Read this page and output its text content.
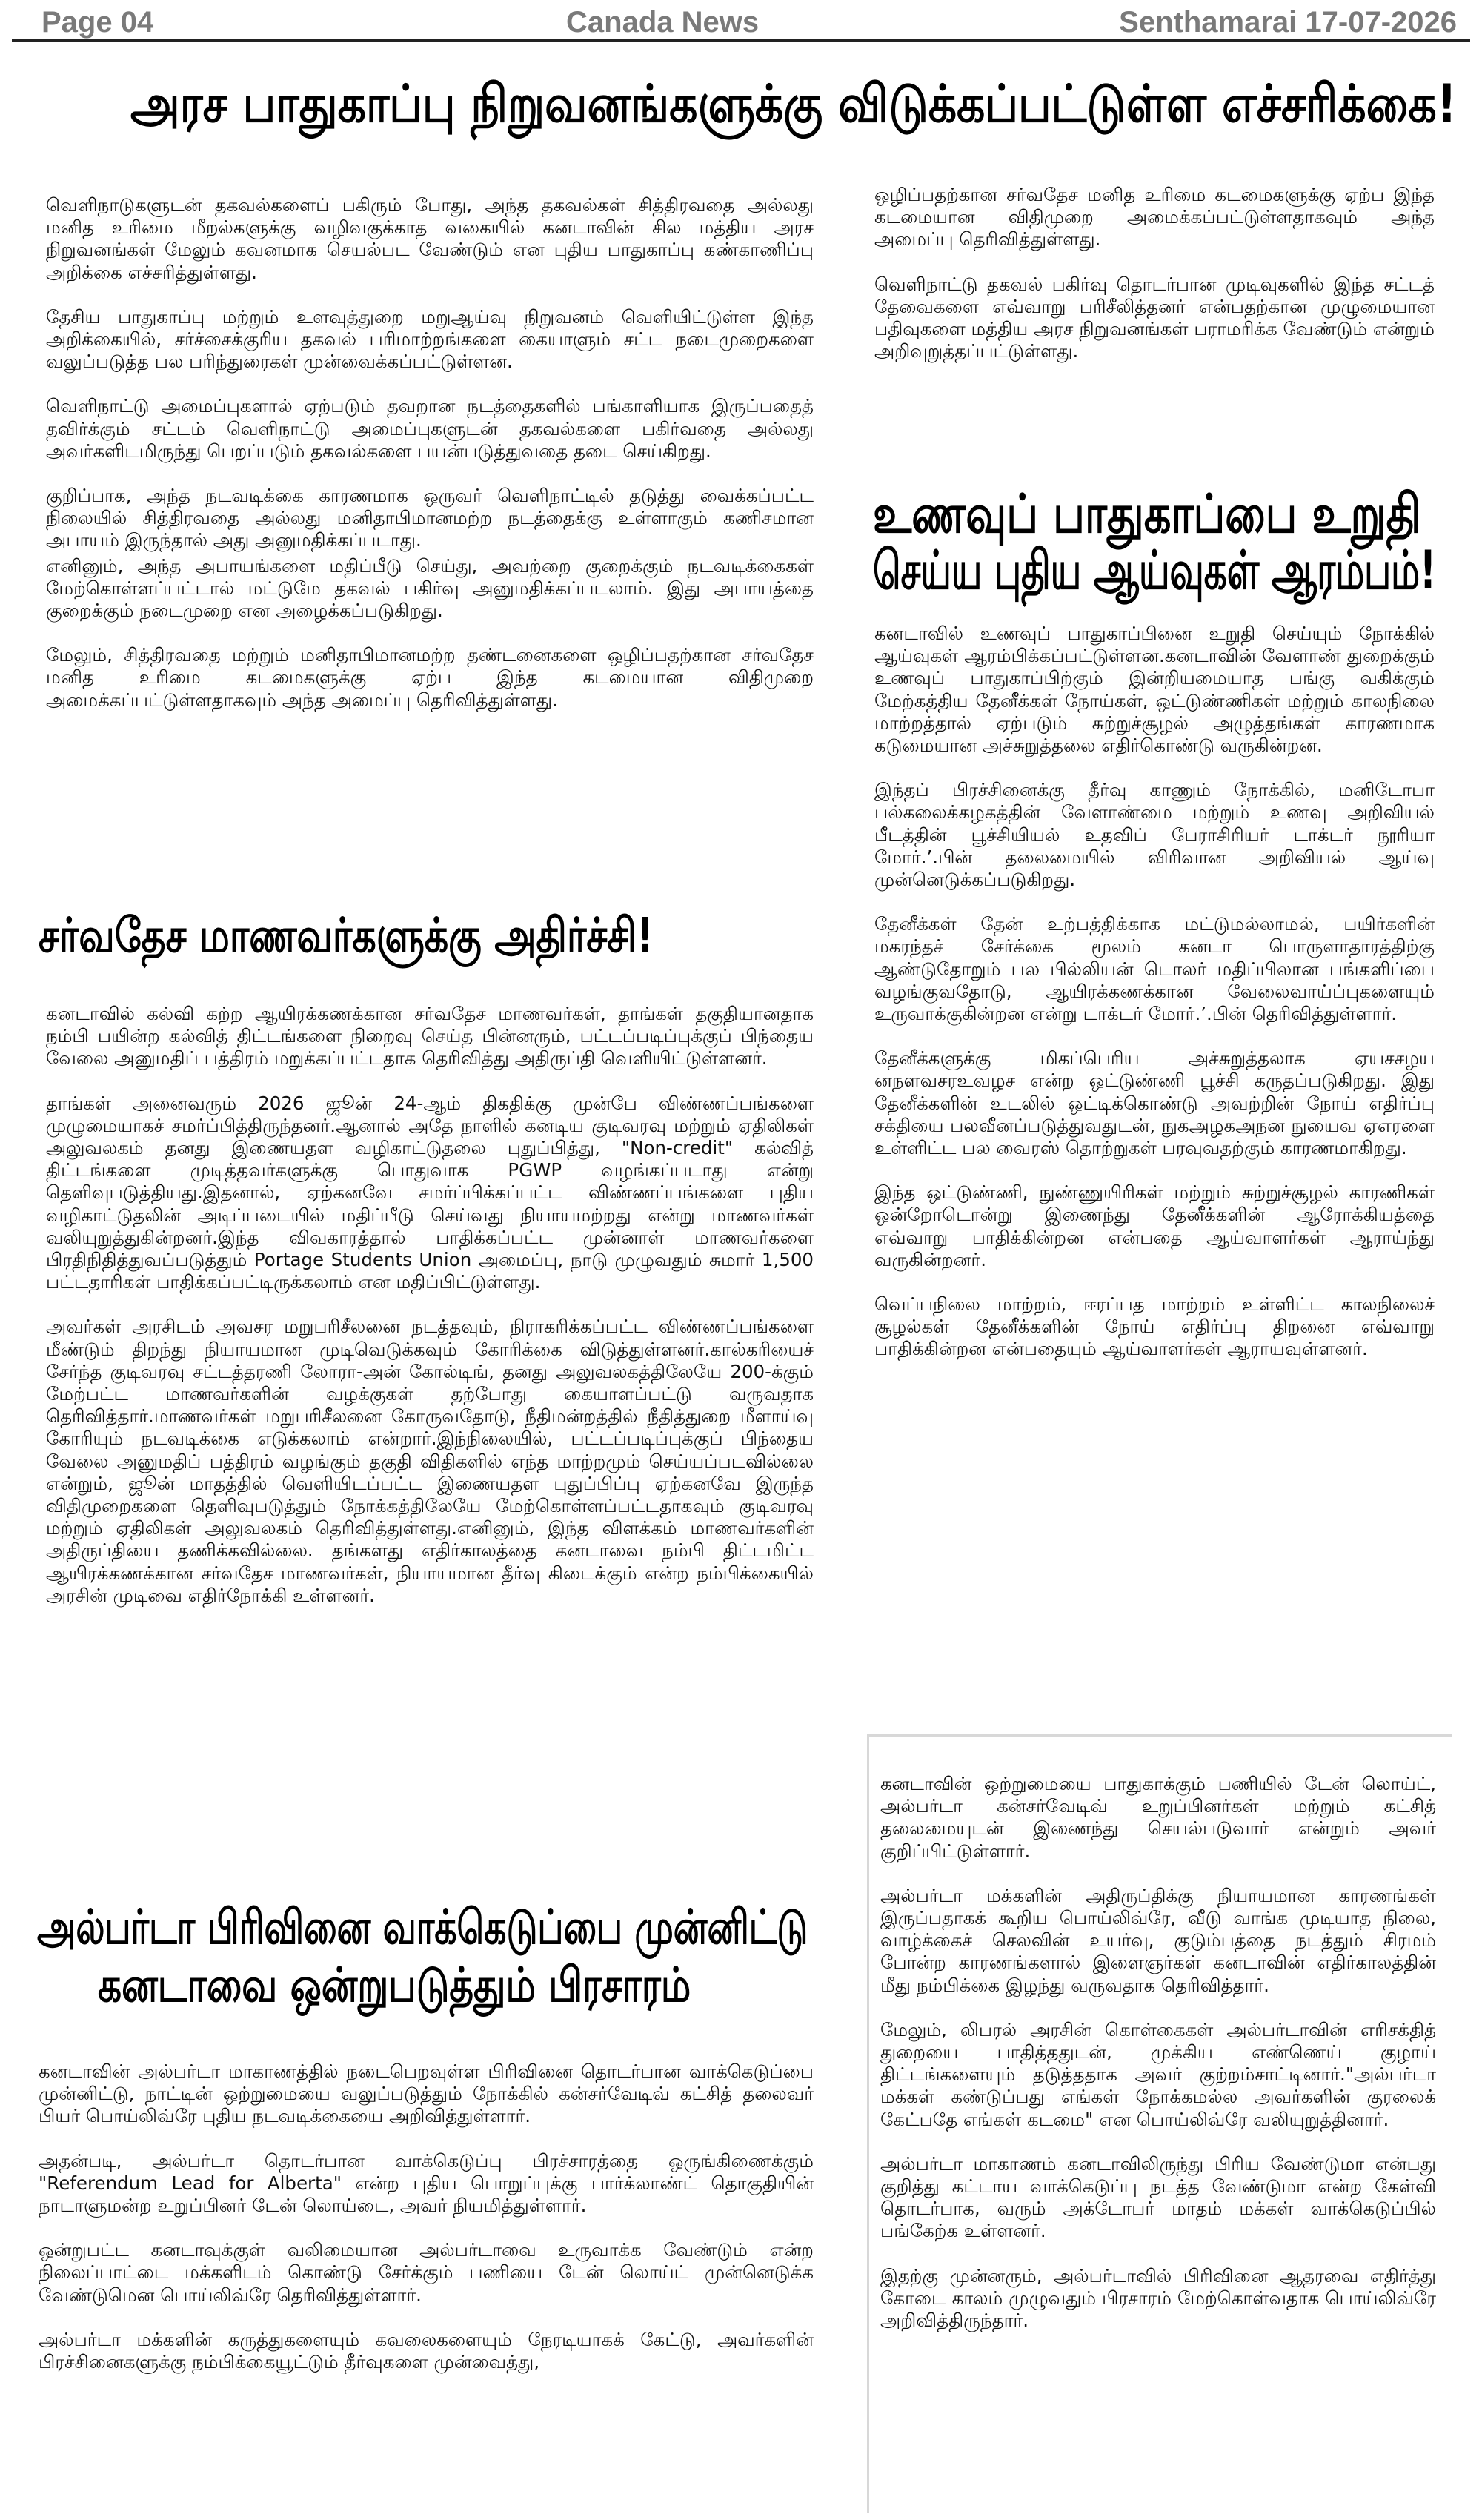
Page 04	Canada News	Senthamarai 17-07-2026
அரச பாதுகாப்பு நிறுவனங்களுக்கு விடுக்கப்பட்டுள்ள எச்சரிக்கை!

வெளிநாடுகளுடன் தகவல்களைப் பகிரும் போது, அந்த தகவல்கள் சித்திரவதை அல்லது மனித உரிமை மீறல்களுக்கு வழிவகுக்காத வகையில் கனடாவின் சில மத்திய அரச நிறுவனங்கள் மேலும் கவனமாக செயல்பட வேண்டும் என புதிய பாதுகாப்பு கண்காணிப்பு அறிக்கை எச்சரித்துள்ளது.

தேசிய பாதுகாப்பு மற்றும் உளவுத்துறை மறுஆய்வு நிறுவனம் வெளியிட்டுள்ள இந்த அறிக்கையில், சர்ச்சைக்குரிய தகவல் பரிமாற்றங்களை கையாளும் சட்ட நடைமுறைகளை வலுப்படுத்த பல பரிந்துரைகள் முன்வைக்கப்பட்டுள்ளன.

வெளிநாட்டு அமைப்புகளால் ஏற்படும் தவறான நடத்தைகளில் பங்காளியாக இருப்பதைத் தவிர்க்கும் சட்டம் வெளிநாட்டு அமைப்புகளுடன் தகவல்களை பகிர்வதை அல்லது அவர்களிடமிருந்து பெறப்படும் தகவல்களை பயன்படுத்துவதை தடை செய்கிறது.

குறிப்பாக, அந்த நடவடிக்கை காரணமாக ஒருவர் வெளிநாட்டில் தடுத்து வைக்கப்பட்ட நிலையில் சித்திரவதை அல்லது மனிதாபிமானமற்ற நடத்தைக்கு உள்ளாகும் கணிசமான அபாயம் இருந்தால் அது அனுமதிக்கப்படாது.

எனினும், அந்த அபாயங்களை மதிப்பீடு செய்து, அவற்றை குறைக்கும் நடவடிக்கைகள் மேற்கொள்ளப்பட்டால் மட்டுமே தகவல் பகிர்வு அனுமதிக்கப்படலாம். இது அபாயத்தை குறைக்கும் நடைமுறை என அழைக்கப்படுகிறது.

மேலும், சித்திரவதை மற்றும் மனிதாபிமானமற்ற தண்டனைகளை ஒழிப்பதற்கான சர்வதேச மனித உரிமை கடமைகளுக்கு ஏற்ப இந்த கடமையான விதிமுறை அமைக்கப்பட்டுள்ளதாகவும் அந்த அமைப்பு தெரிவித்துள்ளது.

ஒழிப்பதற்கான சர்வதேச மனித உரிமை கடமைகளுக்கு ஏற்ப இந்த கடமையான விதிமுறை அமைக்கப்பட்டுள்ளதாகவும் அந்த அமைப்பு தெரிவித்துள்ளது.

வெளிநாட்டு தகவல் பகிர்வு தொடர்பான முடிவுகளில் இந்த சட்டத் தேவைகளை எவ்வாறு பரிசீலித்தனர் என்பதற்கான முழுமையான பதிவுகளை மத்திய அரச நிறுவனங்கள் பராமரிக்க வேண்டும் என்றும் அறிவுறுத்தப்பட்டுள்ளது.

உணவுப் பாதுகாப்பை உறுதி
செய்ய புதிய ஆய்வுகள் ஆரம்பம்!

கனடாவில் உணவுப் பாதுகாப்பினை உறுதி செய்யும் நோக்கில் ஆய்வுகள் ஆரம்பிக்கப்பட்டுள்ளன.கனடாவின் வேளாண் துறைக்கும் உணவுப் பாதுகாப்பிற்கும் இன்றியமையாத பங்கு வகிக்கும் மேற்கத்திய தேனீக்கள் நோய்கள், ஒட்டுண்ணிகள் மற்றும் காலநிலை மாற்றத்தால் ஏற்படும் சுற்றுச்சூழல் அழுத்தங்கள் காரணமாக கடுமையான அச்சுறுத்தலை எதிர்கொண்டு வருகின்றன.

இந்தப் பிரச்சினைக்கு தீர்வு காணும் நோக்கில், மனிடோபா பல்கலைக்கழகத்தின் வேளாண்மை மற்றும் உணவு அறிவியல் பீடத்தின் பூச்சியியல் உதவிப் பேராசிரியர் டாக்டர் நூரியா மோர்.’.பின் தலைமையில் விரிவான அறிவியல் ஆய்வு முன்னெடுக்கப்படுகிறது.

தேனீக்கள் தேன் உற்பத்திக்காக மட்டுமல்லாமல், பயிர்களின் மகரந்தச் சேர்க்கை மூலம் கனடா பொருளாதாரத்திற்கு ஆண்டுதோறும் பல பில்லியன் டொலர் மதிப்பிலான பங்களிப்பை வழங்குவதோடு, ஆயிரக்கணக்கான வேலைவாய்ப்புகளையும் உருவாக்குகின்றன என்று டாக்டர் மோர்.’.பின் தெரிவித்துள்ளார்.

தேனீக்களுக்கு மிகப்பெரிய அச்சுறுத்தலாக ஏயசசழய னநளவசரஉவழச என்ற ஒட்டுண்ணி பூச்சி கருதப்படுகிறது. இது தேனீக்களின் உடலில் ஒட்டிக்கொண்டு அவற்றின் நோய் எதிர்ப்பு சக்தியை பலவீனப்படுத்துவதுடன், நுகஅழகஅநன நுயைவ ஏஎரளை உள்ளிட்ட பல வைரஸ் தொற்றுகள் பரவுவதற்கும் காரணமாகிறது.

இந்த ஒட்டுண்ணி, நுண்ணுயிரிகள் மற்றும் சுற்றுச்சூழல் காரணிகள் ஒன்றோடொன்று இணைந்து தேனீக்களின் ஆரோக்கியத்தை எவ்வாறு பாதிக்கின்றன என்பதை ஆய்வாளர்கள் ஆராய்ந்து வருகின்றனர்.

வெப்பநிலை மாற்றம், ஈரப்பத மாற்றம் உள்ளிட்ட காலநிலைச் சூழல்கள் தேனீக்களின் நோய் எதிர்ப்பு திறனை எவ்வாறு பாதிக்கின்றன என்பதையும் ஆய்வாளர்கள் ஆராயவுள்ளனர்.

சர்வதேச மாணவர்களுக்கு அதிர்ச்சி!

கனடாவில் கல்வி கற்ற ஆயிரக்கணக்கான சர்வதேச மாணவர்கள், தாங்கள் தகுதியானதாக நம்பி பயின்ற கல்வித் திட்டங்களை நிறைவு செய்த பின்னரும், பட்டப்படிப்புக்குப் பிந்தைய வேலை அனுமதிப் பத்திரம் மறுக்கப்பட்டதாக தெரிவித்து அதிருப்தி வெளியிட்டுள்ளனர்.

தாங்கள் அனைவரும் 2026 ஜூன் 24-ஆம் திகதிக்கு முன்பே விண்ணப்பங்களை முழுமையாகச் சமர்ப்பித்திருந்தனர்.ஆனால் அதே நாளில் கனடிய குடிவரவு மற்றும் ஏதிலிகள் அலுவலகம் தனது இணையதள வழிகாட்டுதலை புதுப்பித்து, "Non-credit" கல்வித் திட்டங்களை முடித்தவர்களுக்கு பொதுவாக PGWP வழங்கப்படாது என்று தெளிவுபடுத்தியது.இதனால், ஏற்கனவே சமர்ப்பிக்கப்பட்ட விண்ணப்பங்களை புதிய வழிகாட்டுதலின் அடிப்படையில் மதிப்பீடு செய்வது நியாயமற்றது என்று மாணவர்கள் வலியுறுத்துகின்றனர்.இந்த விவகாரத்தால் பாதிக்கப்பட்ட முன்னாள் மாணவர்களை பிரதிநிதித்துவப்படுத்தும் Portage Students Union அமைப்பு, நாடு முழுவதும் சுமார் 1,500 பட்டதாரிகள் பாதிக்கப்பட்டிருக்கலாம் என மதிப்பிட்டுள்ளது.

அவர்கள் அரசிடம் அவசர மறுபரிசீலனை நடத்தவும், நிராகரிக்கப்பட்ட விண்ணப்பங்களை மீண்டும் திறந்து நியாயமான முடிவெடுக்கவும் கோரிக்கை விடுத்துள்ளனர்.கால்கரியைச் சேர்ந்த குடிவரவு சட்டத்தரணி லோரா-அன் கோல்டிங், தனது அலுவலகத்திலேயே 200-க்கும் மேற்பட்ட மாணவர்களின் வழக்குகள் தற்போது கையாளப்பட்டு வருவதாக தெரிவித்தார்.மாணவர்கள் மறுபரிசீலனை கோருவதோடு, நீதிமன்றத்தில் நீதித்துறை மீளாய்வு கோரியும் நடவடிக்கை எடுக்கலாம் என்றார்.இந்நிலையில், பட்டப்படிப்புக்குப் பிந்தைய வேலை அனுமதிப் பத்திரம் வழங்கும் தகுதி விதிகளில் எந்த மாற்றமும் செய்யப்படவில்லை என்றும், ஜூன் மாதத்தில் வெளியிடப்பட்ட இணையதள புதுப்பிப்பு ஏற்கனவே இருந்த விதிமுறைகளை தெளிவுபடுத்தும் நோக்கத்திலேயே மேற்கொள்ளப்பட்டதாகவும் குடிவரவு மற்றும் ஏதிலிகள் அலுவலகம் தெரிவித்துள்ளது.எனினும், இந்த விளக்கம் மாணவர்களின் அதிருப்தியை தணிக்கவில்லை. தங்களது எதிர்காலத்தை கனடாவை நம்பி திட்டமிட்ட ஆயிரக்கணக்கான சர்வதேச மாணவர்கள், நியாயமான தீர்வு கிடைக்கும் என்ற நம்பிக்கையில் அரசின் முடிவை எதிர்நோக்கி உள்ளனர்.

அல்பர்டா பிரிவினை வாக்கெடுப்பை முன்னிட்டு
கனடாவை ஒன்றுபடுத்தும் பிரசாரம்

கனடாவின் அல்பர்டா மாகாணத்தில் நடைபெறவுள்ள பிரிவினை தொடர்பான வாக்கெடுப்பை முன்னிட்டு, நாட்டின் ஒற்றுமையை வலுப்படுத்தும் நோக்கில் கன்சர்வேடிவ் கட்சித் தலைவர் பியர் பொய்லிவ்ரே புதிய நடவடிக்கையை அறிவித்துள்ளார்.

அதன்படி, அல்பர்டா தொடர்பான வாக்கெடுப்பு பிரச்சாரத்தை ஒருங்கிணைக்கும் "Referendum Lead for Alberta" என்ற புதிய பொறுப்புக்கு பார்க்லாண்ட் தொகுதியின் நாடாளுமன்ற உறுப்பினர் டேன் லொய்டை, அவர் நியமித்துள்ளார்.

ஒன்றுபட்ட கனடாவுக்குள் வலிமையான அல்பர்டாவை உருவாக்க வேண்டும் என்ற நிலைப்பாட்டை மக்களிடம் கொண்டு சேர்க்கும் பணியை டேன் லொய்ட் முன்னெடுக்க வேண்டுமென பொய்லிவ்ரே தெரிவித்துள்ளார்.

அல்பர்டா மக்களின் கருத்துகளையும் கவலைகளையும் நேரடியாகக் கேட்டு, அவர்களின் பிரச்சினைகளுக்கு நம்பிக்கையூட்டும் தீர்வுகளை முன்வைத்து,

கனடாவின் ஒற்றுமையை பாதுகாக்கும் பணியில் டேன் லொய்ட், அல்பர்டா கன்சர்வேடிவ் உறுப்பினர்கள் மற்றும் கட்சித் தலைமையுடன் இணைந்து செயல்படுவார் என்றும் அவர் குறிப்பிட்டுள்ளார்.

அல்பர்டா மக்களின் அதிருப்திக்கு நியாயமான காரணங்கள் இருப்பதாகக் கூறிய பொய்லிவ்ரே, வீடு வாங்க முடியாத நிலை, வாழ்க்கைச் செலவின் உயர்வு, குடும்பத்தை நடத்தும் சிரமம் போன்ற காரணங்களால் இளைஞர்கள் கனடாவின் எதிர்காலத்தின் மீது நம்பிக்கை இழந்து வருவதாக தெரிவித்தார்.

மேலும், லிபரல் அரசின் கொள்கைகள் அல்பர்டாவின் எரிசக்தித் துறையை பாதித்ததுடன், முக்கிய எண்ணெய் குழாய் திட்டங்களையும் தடுத்ததாக அவர் குற்றம்சாட்டினார்."அல்பர்டா மக்கள் கண்டுப்பது எங்கள் நோக்கமல்ல அவர்களின் குரலைக் கேட்பதே எங்கள் கடமை" என பொய்லிவ்ரே வலியுறுத்தினார்.

அல்பர்டா மாகாணம் கனடாவிலிருந்து பிரிய வேண்டுமா என்பது குறித்து கட்டாய வாக்கெடுப்பு நடத்த வேண்டுமா என்ற கேள்வி தொடர்பாக, வரும் அக்டோபர் மாதம் மக்கள் வாக்கெடுப்பில் பங்கேற்க உள்ளனர்.

இதற்கு முன்னரும், அல்பர்டாவில் பிரிவினை ஆதரவை எதிர்த்து கோடை காலம் முழுவதும் பிரசாரம் மேற்கொள்வதாக பொய்லிவ்ரே அறிவித்திருந்தார்.
